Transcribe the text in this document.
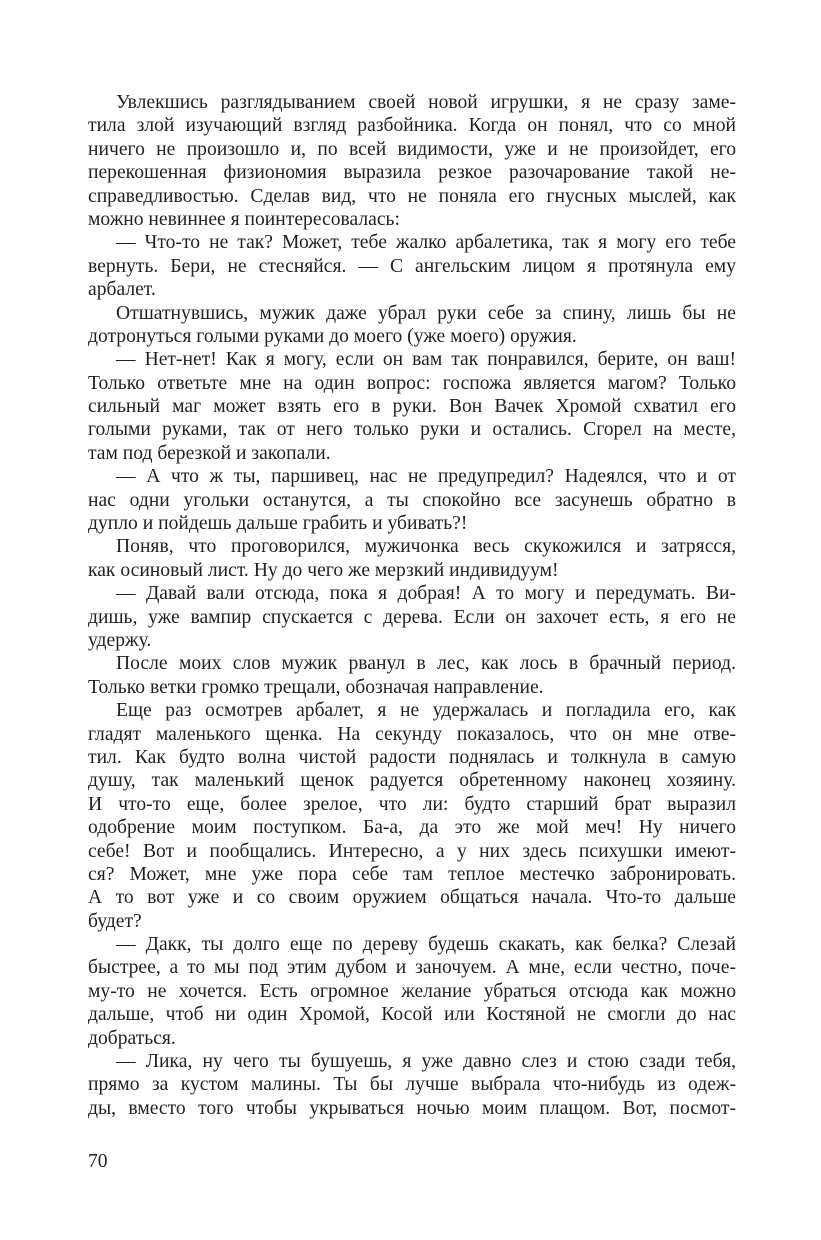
Увлекшись разглядыванием своей новой игрушки, я не сразу заме-
тила злой изучающий взгляд разбойника. Когда он понял, что со мной
ничего не произошло и, по всей видимости, уже и не произойдет, его
перекошенная физиономия выразила резкое разочарование такой не-
справедливостью. Сделав вид, что не поняла его гнусных мыслей, как
можно невиннее я поинтересовалась:
— Что-то не так? Может, тебе жалко арбалетика, так я могу его тебе
вернуть. Бери, не стесняйся. — С ангельским лицом я протянула ему
арбалет.
Отшатнувшись, мужик даже убрал руки себе за спину, лишь бы не
дотронуться голыми руками до моего (уже моего) оружия.
— Нет-нет! Как я могу, если он вам так понравился, берите, он ваш!
Только ответьте мне на один вопрос: госпожа является магом? Только
сильный маг может взять его в руки. Вон Вачек Хромой схватил его
голыми руками, так от него только руки и остались. Сгорел на месте,
там под березкой и закопали.
— А что ж ты, паршивец, нас не предупредил? Надеялся, что и от
нас одни угольки останутся, а ты спокойно все засунешь обратно в
дупло и пойдешь дальше грабить и убивать?!
Поняв, что проговорился, мужичонка весь скукожился и затрясся,
как осиновый лист. Ну до чего же мерзкий индивидуум!
— Давай вали отсюда, пока я добрая! А то могу и передумать. Ви-
дишь, уже вампир спускается с дерева. Если он захочет есть, я его не
удержу.
После моих слов мужик рванул в лес, как лось в брачный период.
Только ветки громко трещали, обозначая направление.
Еще раз осмотрев арбалет, я не удержалась и погладила его, как
гладят маленького щенка. На секунду показалось, что он мне отве-
тил. Как будто волна чистой радости поднялась и толкнула в самую
душу, так маленький щенок радуется обретенному наконец хозяину.
И что-то еще, более зрелое, что ли: будто старший брат выразил
одобрение моим поступком. Ба-а, да это же мой меч! Ну ничего
себе! Вот и пообщались. Интересно, а у них здесь психушки имеют-
ся? Может, мне уже пора себе там теплое местечко забронировать.
А то вот уже и со своим оружием общаться начала. Что-то дальше
будет?
— Дакк, ты долго еще по дереву будешь скакать, как белка? Слезай
быстрее, а то мы под этим дубом и заночуем. А мне, если честно, поче-
му-то не хочется. Есть огромное желание убраться отсюда как можно
дальше, чтоб ни один Хромой, Косой или Костяной не смогли до нас
добраться.
— Лика, ну чего ты бушуешь, я уже давно слез и стою сзади тебя,
прямо за кустом малины. Ты бы лучше выбрала что-нибудь из одеж-
ды, вместо того чтобы укрываться ночью моим плащом. Вот, посмот-
70
